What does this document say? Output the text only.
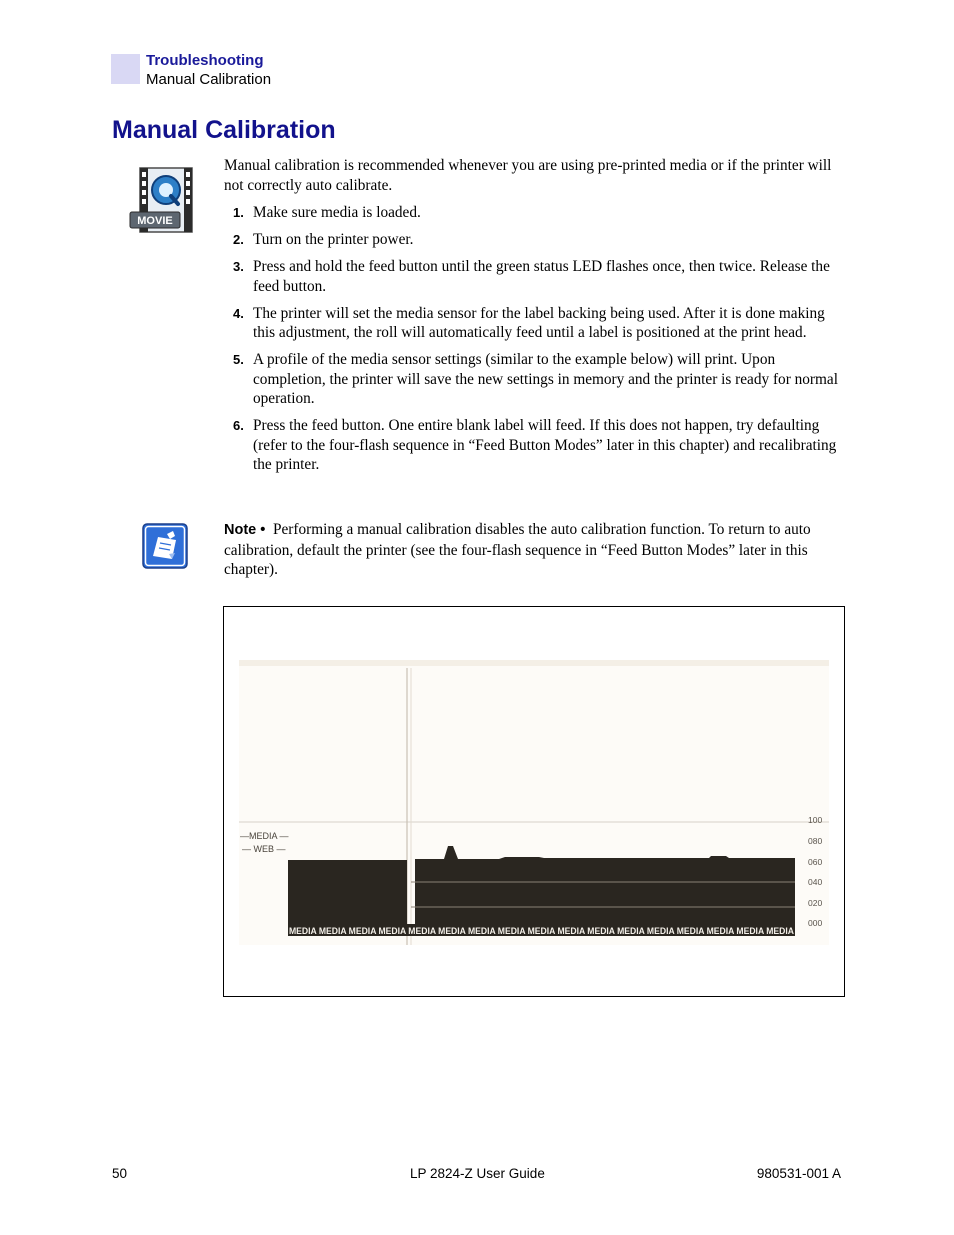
Troubleshooting
Manual Calibration
Manual Calibration
MOVIE
Manual calibration is recommended whenever you are using pre-printed media or if the printer will not correctly auto calibrate.
1. Make sure media is loaded.
2. Turn on the printer power.
3. Press and hold the feed button until the green status LED flashes once, then twice. Release the feed button.
4. The printer will set the media sensor for the label backing being used. After it is done making this adjustment, the roll will automatically feed until a label is positioned at the print head.
5. A profile of the media sensor settings (similar to the example below) will print. Upon completion, the printer will save the new settings in memory and the printer is ready for normal operation.
6. Press the feed button. One entire blank label will feed. If this does not happen, try defaulting (refer to the four-flash sequence in “Feed Button Modes” later in this chapter) and recalibrating the printer.
Note • Performing a manual calibration disables the auto calibration function. To return to auto calibration, default the printer (see the four-flash sequence in “Feed Button Modes” later in this chapter).
—MEDIA —
— WEB —
100
080
060
040
020
000
MEDIA MEDIA MEDIA MEDIA MEDIA MEDIA MEDIA MEDIA MEDIA MEDIA MEDIA MEDIA MEDIA MEDIA MEDIA MEDIA MEDIA
50	LP 2824-Z User Guide	980531-001 A
